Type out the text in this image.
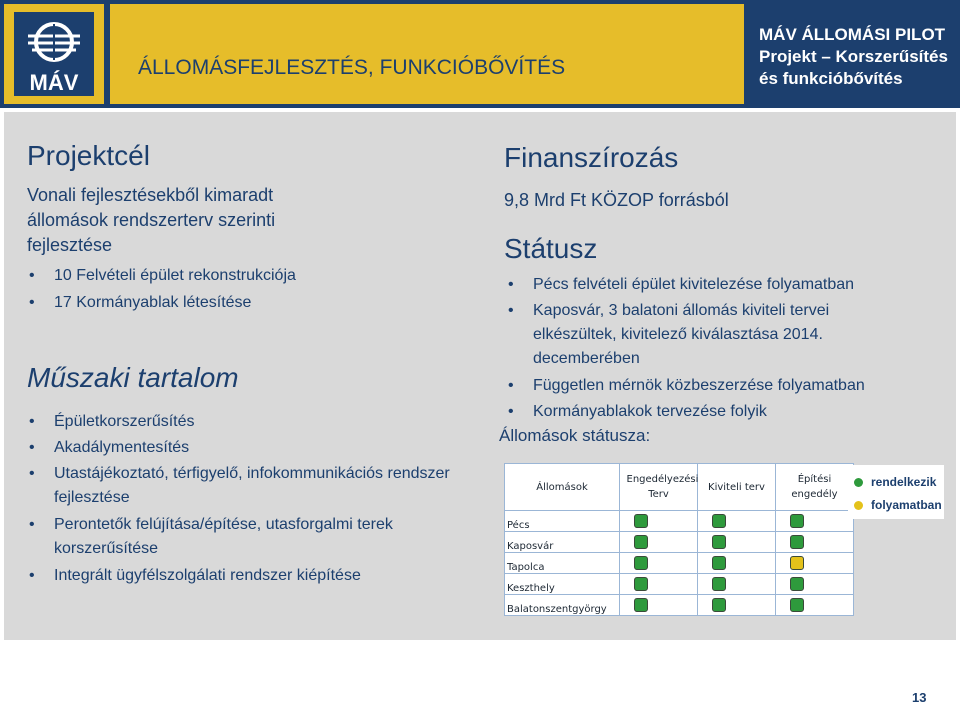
MÁV
ÁLLOMÁSFEJLESZTÉS, FUNKCIÓBŐVÍTÉS
MÁV ÁLLOMÁSI PILOT
Projekt – Korszerűsítés
és funkcióbővítés
Projektcél
Vonali fejlesztésekből kimaradt
állomások rendszerterv szerinti
fejlesztése
• 10 Felvételi épület rekonstrukciója
• 17 Kormányablak létesítése
Műszaki tartalom
• Épületkorszerűsítés
• Akadálymentesítés
• Utastájékoztató, térfigyelő, infokommunikációs rendszer fejlesztése
• Perontetők felújítása/építése, utasforgalmi terek korszerűsítése
• Integrált ügyfélszolgálati rendszer kiépítése
Finanszírozás
9,8 Mrd Ft KÖZOP forrásból
Státusz
• Pécs felvételi épület kivitelezése folyamatban
• Kaposvár, 3 balatoni állomás kiviteli tervei elkészültek, kivitelező kiválasztása 2014. decemberében
• Független mérnök közbeszerzése folyamatban
• Kormányablakok tervezése folyik
Állomások státusza:
Állomások	Engedélyezési Terv	Kiviteli terv	Építési engedély
Pécs			
Kaposvár			
Tapolca			
Keszthely			
Balatonszentgyörgy			
rendelkezik
folyamatban
13
